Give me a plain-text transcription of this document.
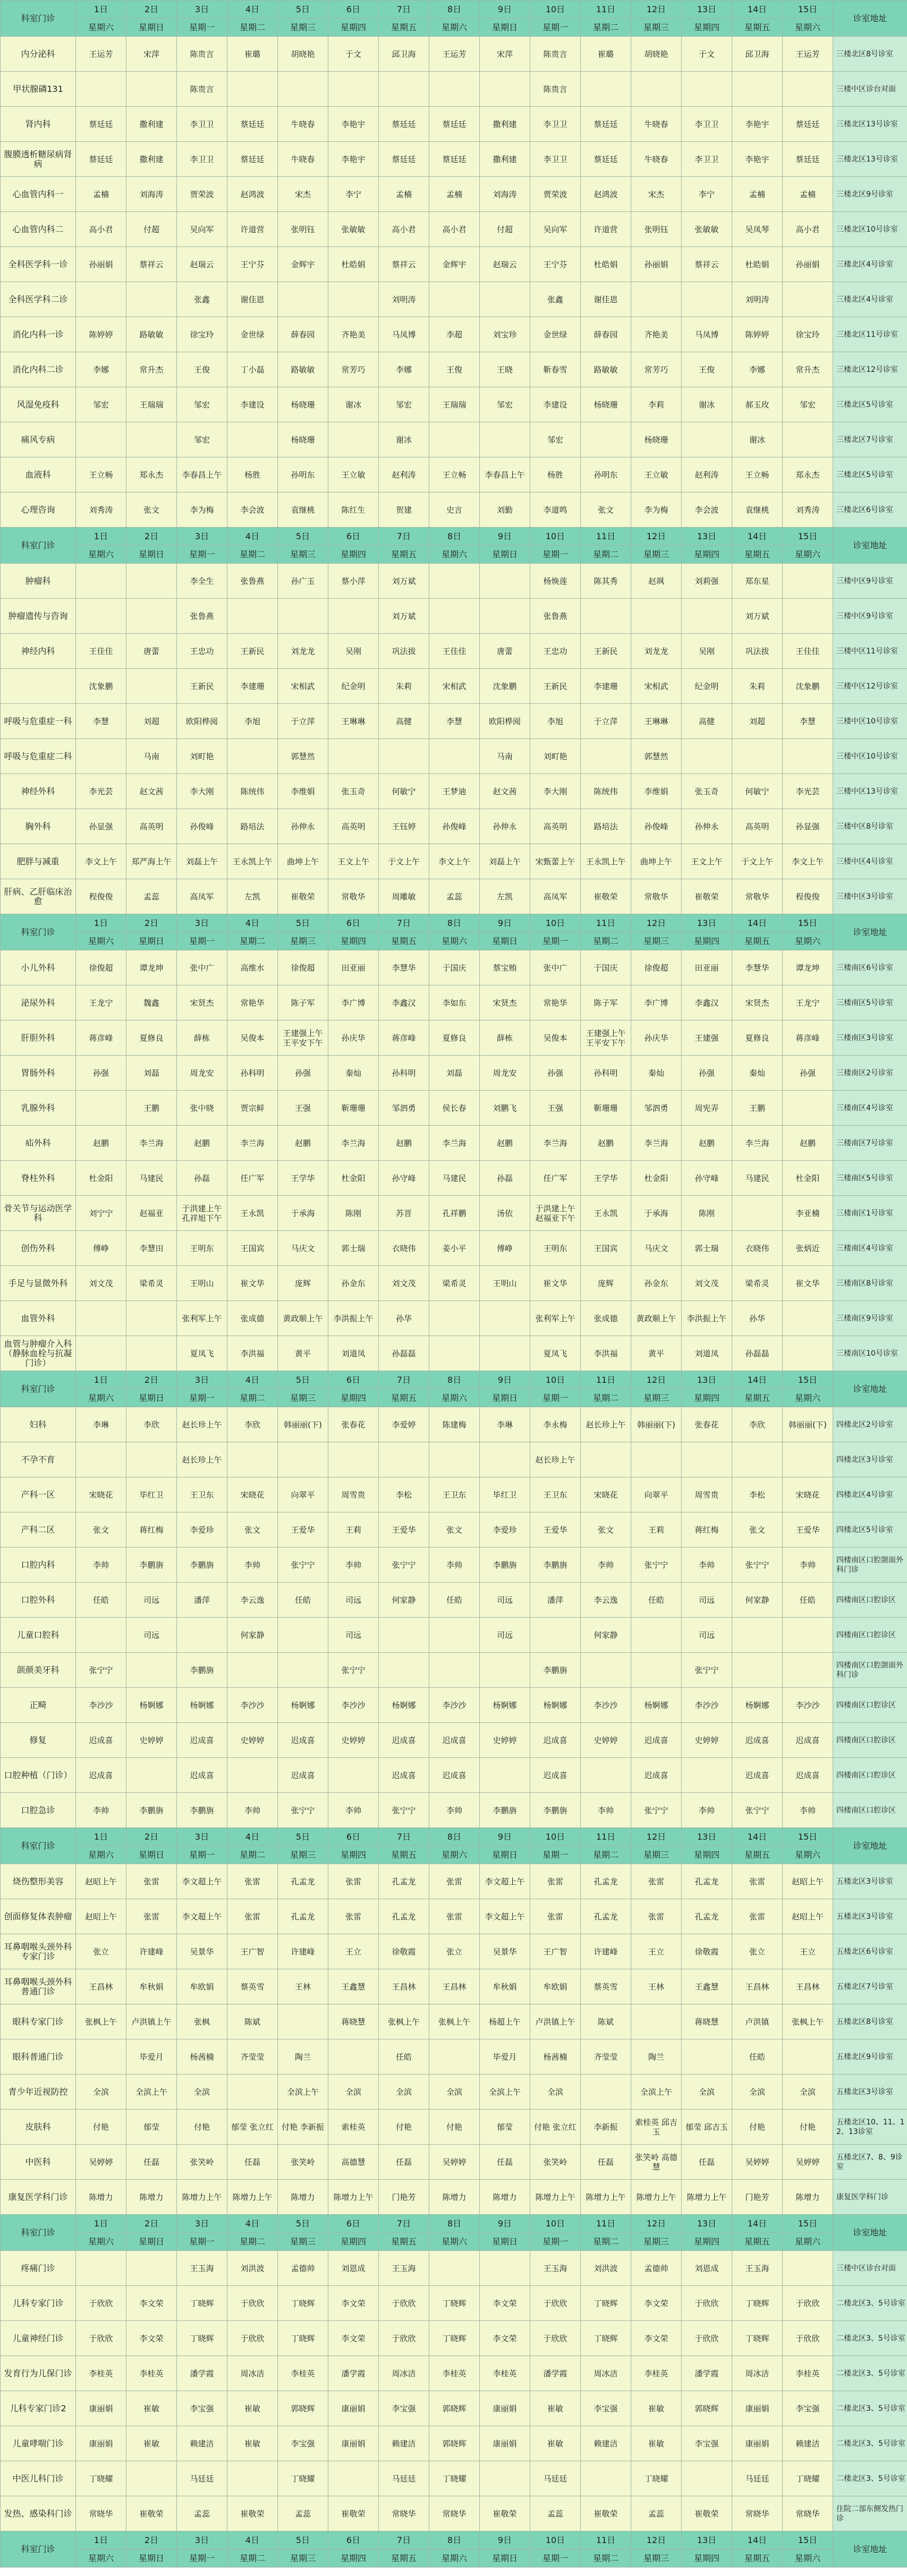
科室门诊	1日	2日	3日	4日	5日	6日	7日	8日	9日	10日	11日	12日	13日	14日	15日	诊室地址
	星期六	星期日	星期一	星期二	星期三	星期四	星期五	星期六	星期日	星期一	星期二	星期三	星期四	星期五	星期六	
内分泌科	王运芳	宋萍	陈贵言	崔璐	胡晓艳	于文	邱卫海	王运芳	宋萍	陈贵言	崔璐	胡晓艳	于文	邱卫海	王运芳	三楼北区8号诊室
甲状腺磷131			陈贵言							陈贵言						三楼中区诊台对面
肾内科	蔡廷廷	撒利建	李卫卫	蔡廷廷	牛晓春	李艳宇	蔡廷廷	蔡廷廷	撒利建	李卫卫	蔡廷廷	牛晓春	李卫卫	李艳宇	蔡廷廷	三楼北区13号诊室
腹膜透析糖尿病肾病	蔡廷廷	撒利建	李卫卫	蔡廷廷	牛晓春	李艳宇	蔡廷廷	蔡廷廷	撒利建	李卫卫	蔡廷廷	牛晓春	李卫卫	李艳宇	蔡廷廷	三楼北区13号诊室
心血管内科一	孟楠	刘海涛	贾荣波	赵鸿波	宋杰	李宁	孟楠	孟楠	刘海涛	贾荣波	赵鸿波	宋杰	李宁	孟楠	孟楠	三楼北区9号诊室
心血管内科二	高小君	付超	吴向军	许道营	张明钰	张敏敏	高小君	高小君	付超	吴向军	许道营	张明钰	张敏敏	吴凤琴	高小君	三楼北区10号诊室
全科医学科一诊	孙丽娟	蔡祥云	赵瑞云	王宁芬	金辉宇	杜皓娟	蔡祥云	金辉宇	赵瑞云	王宁芬	杜皓娟	孙丽娟	蔡祥云	杜皓娟	孙丽娟	三楼北区4号诊室
全科医学科二诊			张鑫	谢佳恩			刘明涛			张鑫	谢佳恩			刘明涛		三楼北区4号诊室
消化内科一诊	陈婷婷	路敏敏	徐宝玲	金世绿	薛春园	齐艳美	马凤博	李超	刘宝珍	金世绿	薛春园	齐艳美	马凤博	陈婷婷	徐宝玲	三楼北区11号诊室
消化内科二诊	李娜	常升杰	王俊	丁小磊	路敏敏	常芳巧	李娜	王俊	王晓	靳春雪	路敏敏	常芳巧	王俊	李娜	常升杰	三楼北区12号诊室
风湿免疫科	邹宏	王瑞瑞	邹宏	李建设	杨晓珊	谢冰	邹宏	王瑞瑞	邹宏	李建设	杨晓珊	李莉	谢冰	郝玉玫	邹宏	三楼北区5号诊室
痛风专病			邹宏		杨晓珊		谢冰			邹宏		杨晓珊		谢冰		三楼北区7号诊室
血液科	王立畅	郑永杰	李春昌上午	杨胜	孙明东	王立敏	赵利涛	王立畅	李春昌上午	杨胜	孙明东	王立敏	赵利涛	王立畅	郑永杰	三楼北区5号诊室
心理咨询	刘秀涛	张文	李为梅	李会波	袁继桃	陈红生	贺建	史言	刘勤	李道鸣	张文	李为梅	李会波	袁继桃	刘秀涛	三楼北区6号诊室
科室门诊	1日	2日	3日	4日	5日	6日	7日	8日	9日	10日	11日	12日	13日	14日	15日	诊室地址
	星期六	星期日	星期一	星期二	星期三	星期四	星期五	星期六	星期日	星期一	星期二	星期三	星期四	星期五	星期六	
肿瘤科			李全生	张鲁燕	孙广玉	蔡小萍	刘万斌			杨焕莲	陈其秀	赵飒	刘莉强	郑东星		三楼中区9号诊室
肿瘤遗传与咨询			张鲁燕				刘万斌			张鲁燕				刘万斌		三楼中区9号诊室
神经内科	王佳佳	唐蕾	王忠功	王新民	刘龙龙	吴刚	巩法拔	王佳佳	唐蕾	王忠功	王新民	刘龙龙	吴刚	巩法拔	王佳佳	三楼中区11号诊室
	沈象鹏		王新民	李建珊	宋相武	纪金明	朱莉	宋相武	沈象鹏	王新民	李建珊	宋相武	纪金明	朱莉	沈象鹏	三楼中区12号诊室
呼吸与危重症一科	李慧	刘超	欧阳桦阅	李旭	于立萍	王琳琳	高健	李慧	欧阳桦阅	李旭	于立萍	王琳琳	高健	刘超	李慧	三楼中区10号诊室
呼吸与危重症二科		马南	刘町艳		郭慧然				马南	刘町艳		郭慧然				三楼中区10号诊室
神经外科	李光芸	赵文茜	李大刚	陈统伟	李维娟	张玉奇	何敏宁	王梦迪	赵文茜	李大刚	陈统伟	李维娟	张玉奇	何敏宁	李光芸	三楼中区13号诊室
胸外科	孙显强	高英明	孙俊峰	路培法	孙伸永	高英明	王钰婷	孙俊峰	孙伸永	高英明	路培法	孙俊峰	孙伸永	高英明	孙显强	三楼中区8号诊室
肥胖与减重	李文上午	郑严海上午	刘磊上午	王永凯上午	曲坤上午	王文上午	于文上午	李文上午	刘磊上午	宋甄蕾上午	王永凯上午	曲坤上午	王文上午	于文上午	李文上午	三楼中区4号诊室
肝病、乙肝临床治愈	程俊俊	孟蕊	高凤军	左凯	崔敬荣	常敬华	周雕敏	孟蕊	左凯	高凤军	崔敬荣	常敬华	崔敬荣	常敬华	程俊俊	三楼中区3号诊室
科室门诊	1日	2日	3日	4日	5日	6日	7日	8日	9日	10日	11日	12日	13日	14日	15日	诊室地址
	星期六	星期日	星期一	星期二	星期三	星期四	星期五	星期六	星期日	星期一	星期二	星期三	星期四	星期五	星期六	
小儿外科	徐俊超	谭龙坤	张中广	高维水	徐俊超	田亚丽	李慧华	于国庆	蔡宝贿	张中广	于国庆	徐俊超	田亚丽	李慧华	谭龙坤	三楼南区6号诊室
泌尿外科	王龙宁	魏鑫	宋贤杰	常艳华	陈子军	李广博	李鑫汉	李如东	宋贤杰	常艳华	陈子军	李广博	李鑫汉	宋贤杰	王龙宁	三楼南区5号诊室
肝胆外科	蒋彦峰	夏修良	薛栋	吴俊本	王建强上午 王平安下午	孙庆华	蒋彦峰	夏修良	薛栋	吴俊本	王建强上午 王平安下午	孙庆华	王建强	夏修良	蒋彦峰	三楼南区3号诊室
胃肠外科	孙强	刘磊	周龙安	孙科明	孙强	秦灿	孙科明	刘磊	周龙安	孙强	孙科明	秦灿	孙强	秦灿	孙强	三楼南区2号诊室
乳腺外科		王鹏	张中晓	贾宗鲜	王强	靳珊珊	邹泗勇	侯长春	刘鹏飞	王强	靳珊珊	邹泗勇	周宪弄	王鹏		三楼南区4号诊室
疝外科	赵鹏	李兰海	赵鹏	李兰海	赵鹏	李兰海	赵鹏	李兰海	赵鹏	李兰海	赵鹏	李兰海	赵鹏	李兰海	赵鹏	三楼南区7号诊室
脊柱外科	杜金阳	马建民	孙磊	任广军	王学华	杜金阳	孙守峰	马建民	孙磊	任广军	王学华	杜金阳	孙守峰	马建民	杜金阳	三楼南区5号诊室
骨关节与运动医学科	刘宁宁	赵福亚	于洪建上午 孔祥旭下午	王永凯	于承海	陈刚	苏晋	孔祥鹏	汤依	于洪建上午 赵福亚下午	王永凯	于承海	陈刚		李亚楠	三楼南区1号诊室
创伤外科	傅峥	李慧田	王明东	王国宾	马庆文	郭士瑞	衣晓伟	姜小平	傅峥	王明东	王国宾	马庆文	郭士瑞	衣晓伟	张炳近	三楼南区4号诊室
手足与显微外科	刘文茂	梁希灵	王明山	崔文华	庞辉	孙金东	刘文茂	梁希灵	王明山	崔文华	庞辉	孙金东	刘文茂	梁希灵	崔文华	三楼南区8号诊室
血管外科			张利军上午	张成德	黄政顺上午	李洪振上午	孙华			张利军上午	张成德	黄政顺上午	李洪振上午	孙华		三楼南区9号诊室
血管与肿瘤介入科（静脉血栓与抗凝门诊）			夏凤飞	李洪福	黄平	刘道凤	孙磊磊			夏凤飞	李洪福	黄平	刘道凤	孙磊磊		三楼南区10号诊室
科室门诊	1日	2日	3日	4日	5日	6日	7日	8日	9日	10日	11日	12日	13日	14日	15日	诊室地址
	星期六	星期日	星期一	星期二	星期三	星期四	星期五	星期六	星期日	星期一	星期二	星期三	星期四	星期五	星期六	
妇科	李琳	李欣	赵长珍上午	李欣	韩丽丽(下)	张春花	李爱婷	陈建梅	李琳	李永梅	赵长珍上午	韩丽丽(下)	张春花	李欣	韩丽丽(下)	四楼北区2号诊室
不孕不育			赵长珍上午							赵长珍上午						四楼北区3号诊室
产科一区	宋晓花	毕红卫	王卫东	宋晓花	向翠平	周雪贵	李松	王卫东	毕红卫	王卫东	宋晓花	向翠平	周雪贵	李松	宋晓花	四楼北区4号诊室
产科二区	张文	蒋红梅	李爱珍	张文	王爱华	王莉	王爱华	张文	李爱珍	王爱华	张文	王莉	蒋红梅	张文	王爱华	四楼北区5号诊室
口腔内科	李帅	李鹏旃	李鹏旃	李帅	张宁宁	李帅	张宁宁	李帅	李鹏旃	李鹏旃	李帅	张宁宁	李帅	张宁宁	李帅	四楼南区口腔颌面外科门诊
口腔外科	任皓	司远	潘萍	李云逸	任皓	司远	何家静	任皓	司远	潘萍	李云逸	任皓	司远	何家静	任皓	四楼南区口腔诊区
儿童口腔科		司远		何家静		司远			司远		何家静		司远			四楼南区口腔诊区
颌颜美牙科	张宁宁		李鹏旃			张宁宁				李鹏旃			张宁宁			四楼南区口腔颌面外科门诊
正畸	李沙沙	杨婀娜	杨婀娜	李沙沙	杨婀娜	李沙沙	杨婀娜	李沙沙	杨婀娜	杨婀娜	李沙沙	杨婀娜	李沙沙	杨婀娜	李沙沙	四楼南区口腔诊区
修复	迟成喜	史婷婷	迟成喜	史婷婷	迟成喜	史婷婷	迟成喜	迟成喜	史婷婷	迟成喜	史婷婷	迟成喜	史婷婷	迟成喜	迟成喜	四楼南区口腔诊区
口腔种植（门诊）	迟成喜		迟成喜		迟成喜		迟成喜	迟成喜		迟成喜		迟成喜		迟成喜	迟成喜	四楼南区口腔诊区
口腔急诊	李帅	李鹏旃	李鹏旃	李帅	张宁宁	李帅	张宁宁	李帅	李鹏旃	李鹏旃	李帅	张宁宁	李帅	张宁宁	李帅	四楼南区口腔诊区
科室门诊	1日	2日	3日	4日	5日	6日	7日	8日	9日	10日	11日	12日	13日	14日	15日	诊室地址
	星期六	星期日	星期一	星期二	星期三	星期四	星期五	星期六	星期日	星期一	星期二	星期三	星期四	星期五	星期六	
烧伤整形美容	赵昭上午	张雷	李文超上午	张雷	孔孟龙	张雷	孔孟龙	张雷	李文超上午	张雷	孔孟龙	张雷	孔孟龙	张雷	赵昭上午	五楼北区3号诊室
创面修复体表肿瘤	赵昭上午	张雷	李文超上午	张雷	孔孟龙	张雷	孔孟龙	张雷	李文超上午	张雷	孔孟龙	张雷	孔孟龙	张雷	赵昭上午	五楼北区3号诊室
耳鼻咽喉头颈外科专家门诊	张立	许建峰	吴景华	王广智	许建峰	王立	徐敬霞	张立	吴景华	王广智	许建峰	王立	徐敬霞	张立	王立	五楼北区6号诊室
耳鼻咽喉头颈外科普通门诊	王昌林	牟秋娟	牟欧娟	蔡英雪	王林	王鑫慧	王昌林	王昌林	牟秋娟	牟欧娟	蔡英雪	王林	王鑫慧	王昌林	王昌林	五楼北区7号诊室
眼科专家门诊	张枫上午	卢洪镇上午	张枫	陈斌		蒋晓慧	张枫上午	张枫上午	杨超上午	卢洪镇上午	陈斌		蒋晓慧	卢洪镇	张枫上午	五楼北区8号诊室
眼科普通门诊		毕爱月	杨茜楠	齐莹莹	陶兰		任皓		毕爱月	杨茜楠	齐莹莹	陶兰		任皓		五楼北区9号诊室
青少年近视防控	全滨	全滨上午	全滨		全滨上午	全滨	全滨	全滨	全滨上午	全滨		全滨上午	全滨	全滨	全滨	五楼北区3号诊室
皮肤科	付艳	郁莹	付艳	郁莹 张立红	付艳 李新振	索桂英	付艳	付艳	郁莹	付艳 张立红	李新振	索桂英 邱吉玉	郁莹 邱吉玉	付艳	付艳	五楼北区10、11、12、13诊室
中医科	吴婷婷	任磊	张笑岭	任磊	张笑岭	高德慧	任磊	吴婷婷	任磊	张笑岭	任磊	张笑岭 高德慧	任磊	吴婷婷	吴婷婷	五楼北区7、8、9诊室
康复医学科门诊	陈增力	陈增力	陈增力上午	陈增力上午	陈增力	陈增力上午	门艳芳	陈增力	陈增力	陈增力上午	陈增力上午	陈增力上午	陈增力上午	门艳芳	陈增力	康复医学科门诊
科室门诊	1日	2日	3日	4日	5日	6日	7日	8日	9日	10日	11日	12日	13日	14日	15日	诊室地址
	星期六	星期日	星期一	星期二	星期三	星期四	星期五	星期六	星期日	星期一	星期二	星期三	星期四	星期五	星期六	
疼痛门诊			王玉海	刘洪波	孟德帅	刘恩成	王玉海			王玉海	刘洪波	孟德帅	刘恩成	王玉海		三楼中区诊台对面
儿科专家门诊	于欣欣	李文荣	丁晓辉	于欣欣	丁晓辉	李文荣	于欣欣	丁晓辉	李文荣	于欣欣	丁晓辉	李文荣	于欣欣	丁晓辉	于欣欣	二楼北区3、5号诊室
儿童神经门诊	于欣欣	李文荣	丁晓辉	于欣欣	丁晓辉	李文荣	于欣欣	丁晓辉	李文荣	于欣欣	丁晓辉	李文荣	于欣欣	丁晓辉	于欣欣	二楼北区3、5号诊室
发育行为儿保门诊	李桂英	李桂英	潘学霞	周冰洁	李桂英	潘学霞	周冰洁	李桂英	李桂英	潘学霞	周冰洁	李桂英	潘学霞	周冰洁	李桂英	二楼北区3、5号诊室
儿科专家门诊2	康丽娟	崔敏	李宝强	崔敏	郭晓辉	康丽娟	李宝强	郭晓辉	康丽娟	崔敏	李宝强	崔敏	郭晓辉	康丽娟	李宝强	二楼北区3、5号诊室
儿童哮喘门诊	康丽娟	崔敏	赖建洁	崔敏	李宝强	康丽娟	赖建洁	郭晓辉	康丽娟	崔敏	赖建洁	崔敏	李宝强	康丽娟	赖建洁	二楼北区3、5号诊室
中医儿科门诊	丁晓耀		马廷廷		丁晓耀		马廷廷	丁晓耀		马廷廷		丁晓耀		马廷廷	丁晓耀	二楼北区3、5号诊室
发热、感染科门诊	常晓华	崔敬荣	孟蕊	崔敬荣	孟蕊	崔敬荣	常晓华	常晓华	崔敬荣	孟蕊	崔敬荣	孟蕊	崔敬荣	常晓华	常晓华	住院二部东侧发热门诊
科室门诊	1日	2日	3日	4日	5日	6日	7日	8日	9日	10日	11日	12日	13日	14日	15日	诊室地址
	星期六	星期日	星期一	星期二	星期三	星期四	星期五	星期六	星期日	星期一	星期二	星期三	星期四	星期五	星期六	
